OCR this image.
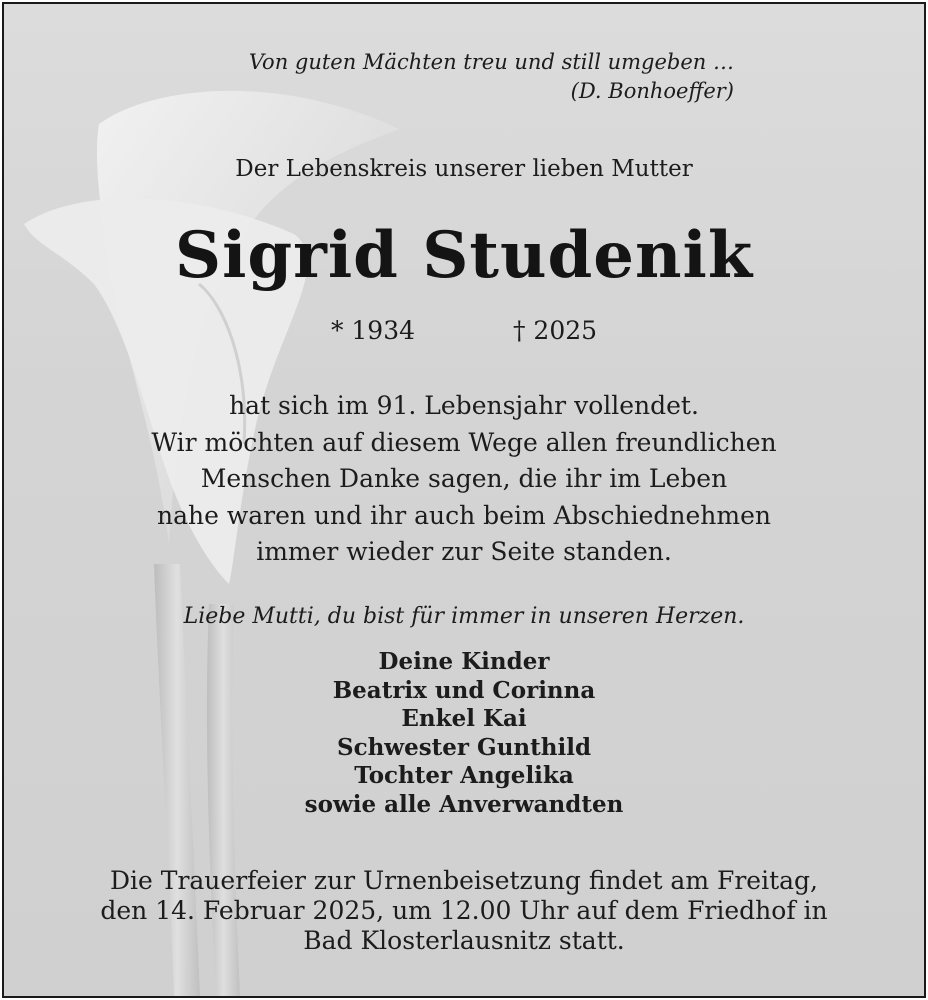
Von guten Mächten treu und still umgeben …
(D. Bonhoeffer)
Der Lebenskreis unserer lieben Mutter
Sigrid Studenik
* 1934	† 2025
hat sich im 91. Lebensjahr vollendet.
Wir möchten auf diesem Wege allen freundlichen
Menschen Danke sagen, die ihr im Leben
nahe waren und ihr auch beim Abschiednehmen
immer wieder zur Seite standen.
Liebe Mutti, du bist für immer in unseren Herzen.
Deine Kinder
Beatrix und Corinna
Enkel Kai
Schwester Gunthild
Tochter Angelika
sowie alle Anverwandten
Die Trauerfeier zur Urnenbeisetzung findet am Freitag,
den 14. Februar 2025, um 12.00 Uhr auf dem Friedhof in
Bad Klosterlausnitz statt.
